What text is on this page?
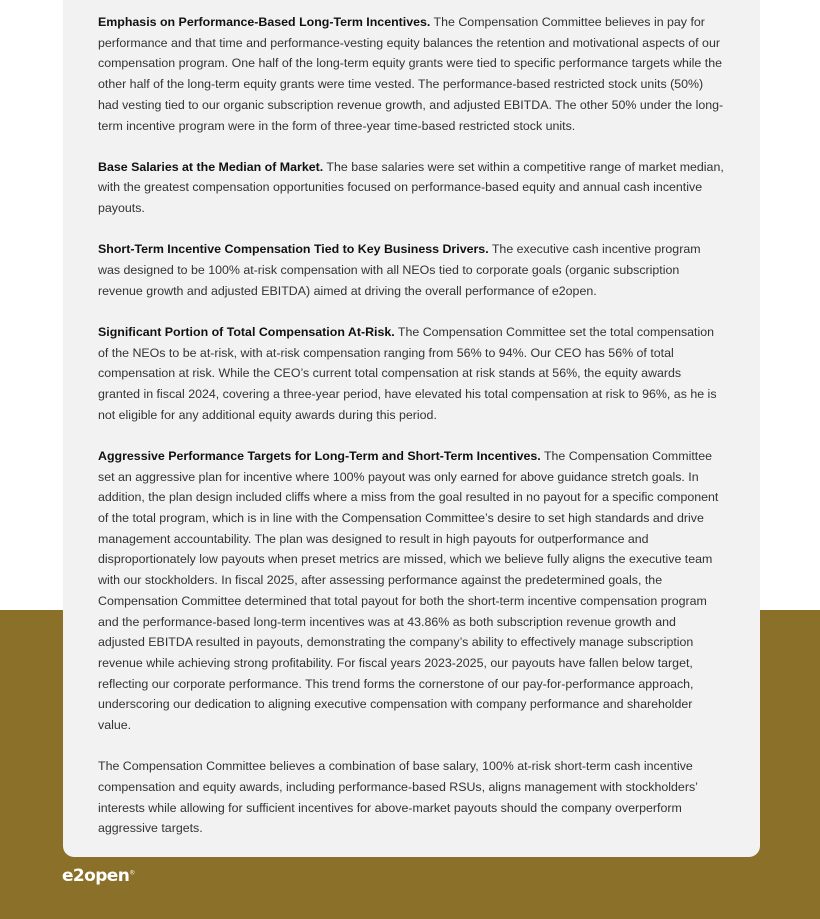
Emphasis on Performance-Based Long-Term Incentives. The Compensation Committee believes in pay for performance and that time and performance-vesting equity balances the retention and motivational aspects of our compensation program. One half of the long-term equity grants were tied to specific performance targets while the other half of the long-term equity grants were time vested. The performance-based restricted stock units (50%) had vesting tied to our organic subscription revenue growth, and adjusted EBITDA. The other 50% under the long-term incentive program were in the form of three-year time-based restricted stock units.

Base Salaries at the Median of Market. The base salaries were set within a competitive range of market median, with the greatest compensation opportunities focused on performance-based equity and annual cash incentive payouts.

Short-Term Incentive Compensation Tied to Key Business Drivers. The executive cash incentive program was designed to be 100% at-risk compensation with all NEOs tied to corporate goals (organic subscription revenue growth and adjusted EBITDA) aimed at driving the overall performance of e2open.

Significant Portion of Total Compensation At-Risk. The Compensation Committee set the total compensation of the NEOs to be at-risk, with at-risk compensation ranging from 56% to 94%. Our CEO has 56% of total compensation at risk. While the CEO’s current total compensation at risk stands at 56%, the equity awards granted in fiscal 2024, covering a three-year period, have elevated his total compensation at risk to 96%, as he is not eligible for any additional equity awards during this period.

Aggressive Performance Targets for Long-Term and Short-Term Incentives. The Compensation Committee set an aggressive plan for incentive where 100% payout was only earned for above guidance stretch goals. In addition, the plan design included cliffs where a miss from the goal resulted in no payout for a specific component of the total program, which is in line with the Compensation Committee’s desire to set high standards and drive management accountability. The plan was designed to result in high payouts for outperformance and disproportionately low payouts when preset metrics are missed, which we believe fully aligns the executive team with our stockholders. In fiscal 2025, after assessing performance against the predetermined goals, the Compensation Committee determined that total payout for both the short-term incentive compensation program and the performance-based long-term incentives was at 43.86% as both subscription revenue growth and adjusted EBITDA resulted in payouts, demonstrating the company’s ability to effectively manage subscription revenue while achieving strong profitability. For fiscal years 2023-2025, our payouts have fallen below target, reflecting our corporate performance. This trend forms the cornerstone of our pay-for-performance approach, underscoring our dedication to aligning executive compensation with company performance and shareholder value.

The Compensation Committee believes a combination of base salary, 100% at-risk short-term cash incentive compensation and equity awards, including performance-based RSUs, aligns management with stockholders’ interests while allowing for sufficient incentives for above-market payouts should the company overperform aggressive targets.

e2open®
